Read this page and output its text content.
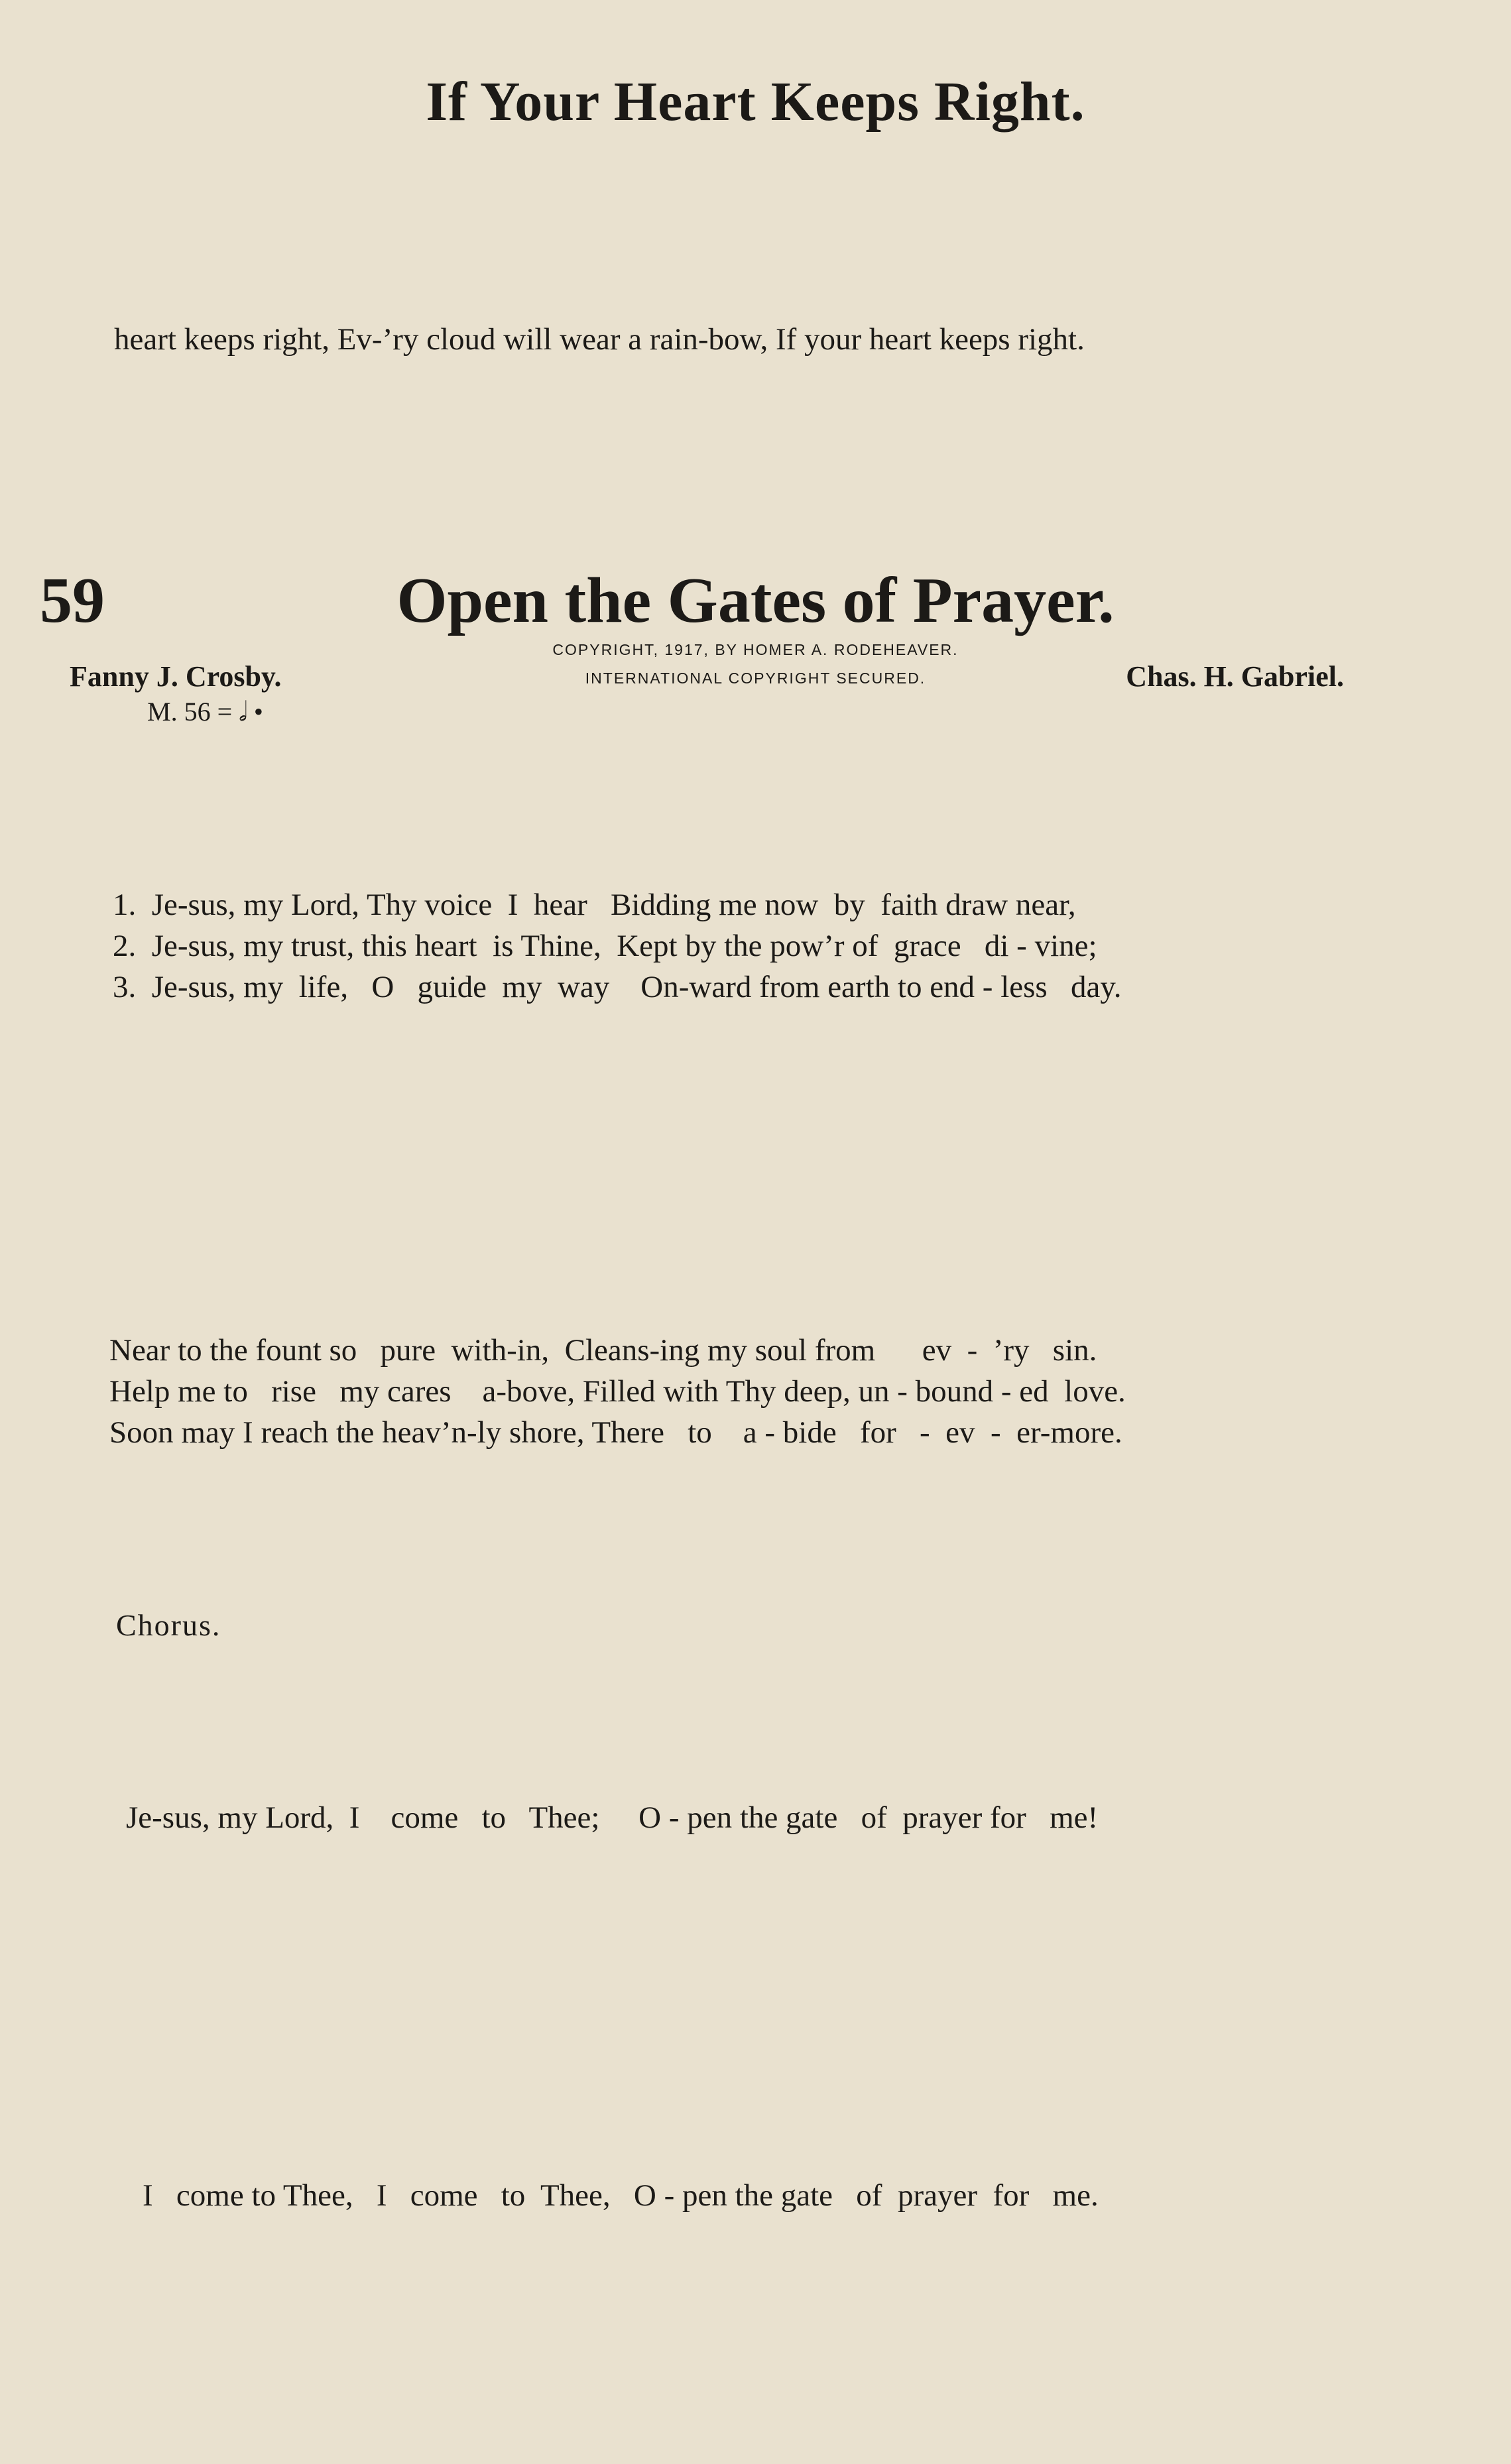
If Your Heart Keeps Right.
heart keeps right, Ev-’ry cloud will wear a rain-bow, If your heart keeps right.
59	Open the Gates of Prayer.
COPYRIGHT, 1917, BY HOMER A. RODEHEAVER.
INTERNATIONAL COPYRIGHT SECURED.
Fanny J. Crosby.	Chas. H. Gabriel.
M. 56 = 𝅗𝅥 •
1.  Je-sus, my Lord, Thy voice  I  hear   Bidding me now  by  faith draw near,
2.  Je-sus, my trust, this heart  is Thine,  Kept by the pow’r of  grace   di - vine;
3.  Je-sus, my  life,   O   guide  my  way    On-ward from earth to end - less   day.
Near to the fount so   pure  with-in,  Cleans-ing my soul from      ev  -  ’ry   sin.
Help me to   rise   my cares    a-bove, Filled with Thy deep, un - bound - ed  love.
Soon may I reach the heav’n-ly shore, There   to    a - bide   for   -  ev  -  er-more.
Chorus.
Je-sus, my Lord,  I    come   to   Thee;     O - pen the gate   of  prayer for   me!
I   come to Thee,   I   come   to  Thee,   O - pen the gate   of  prayer  for   me.
